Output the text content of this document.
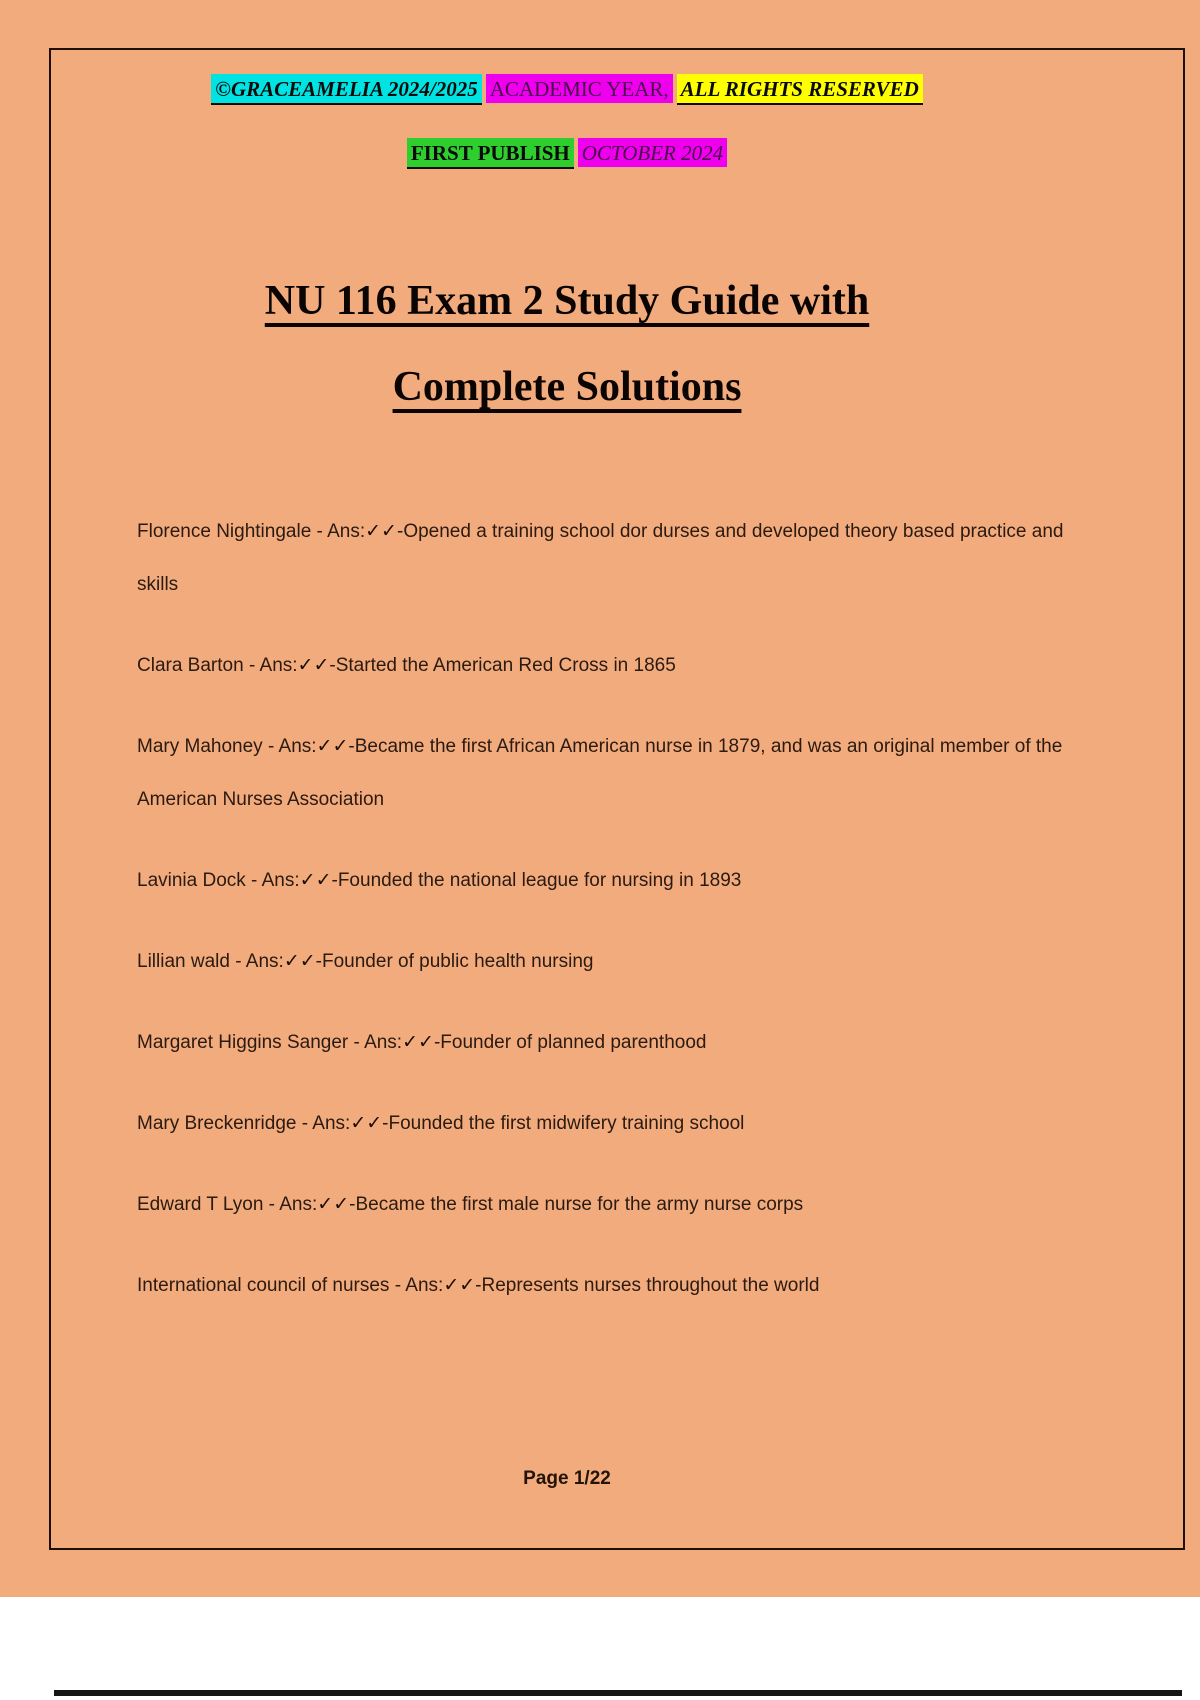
©GRACEAMELIA 2024/2025 ACADEMIC YEAR, ALL RIGHTS RESERVED
FIRST PUBLISH OCTOBER 2024
NU 116 Exam 2 Study Guide with
Complete Solutions

Florence Nightingale - Ans:✓✓-Opened a training school dor durses and developed theory based practice and skills

Clara Barton - Ans:✓✓-Started the American Red Cross in 1865

Mary Mahoney - Ans:✓✓-Became the first African American nurse in 1879, and was an original member of the American Nurses Association

Lavinia Dock - Ans:✓✓-Founded the national league for nursing in 1893

Lillian wald - Ans:✓✓-Founder of public health nursing

Margaret Higgins Sanger - Ans:✓✓-Founder of planned parenthood

Mary Breckenridge - Ans:✓✓-Founded the first midwifery training school

Edward T Lyon - Ans:✓✓-Became the first male nurse for the army nurse corps

International council of nurses - Ans:✓✓-Represents nurses throughout the world

Page 1/22
